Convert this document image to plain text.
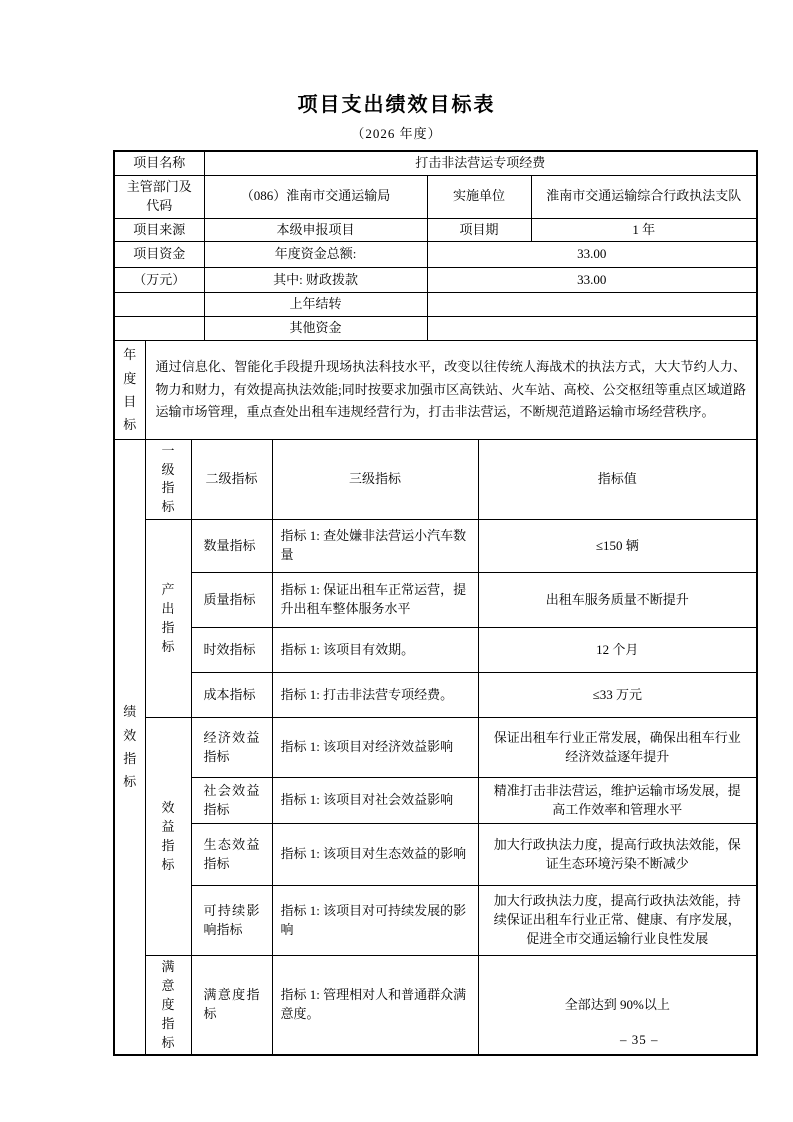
项目支出绩效目标表
（2026 年度）
项目名称			打击非法营运专项经费				
主管部门及代码			（086）淮南市交通运输局		实施单位		淮南市交通运输综合行政执法支队
项目来源			本级申报项目		项目期		1 年
项目资金			年度资金总额:		33.00		
（万元）			其中: 财政拨款		33.00		
			上年结转				
			其他资金				

年度目标	通过信息化、智能化手段提升现场执法科技水平，改变以往传统人海战术的执法方式，大大节约人力、物力和财力，有效提高执法效能;同时按要求加强市区高铁站、火车站、高校、公交枢纽等重点区域道路运输市场管理，重点查处出租车违规经营行为，打击非法营运，不断规范道路运输市场经营秩序。						

绩效指标	一级指标	二级指标		三级指标		指标值	
	产出指标	数量指标		指标 1: 查处嫌非法营运小汽车数量		≤150 辆	
		质量指标		指标 1: 保证出租车正常运营，提升出租车整体服务水平		出租车服务质量不断提升	
		时效指标		指标 1: 该项目有效期。		12 个月	
		成本指标		指标 1: 打击非法营专项经费。		≤33 万元	
	效益指标	经济效益指标		指标 1: 该项目对经济效益影响		保证出租车行业正常发展，确保出租车行业经济效益逐年提升	
		社会效益指标		指标 1: 该项目对社会效益影响		精准打击非法营运，维护运输市场发展，提高工作效率和管理水平	
		生态效益指标		指标 1: 该项目对生态效益的影响		加大行政执法力度，提高行政执法效能，保证生态环境污染不断减少	
		可持续影响指标		指标 1: 该项目对可持续发展的影响		加大行政执法力度，提高行政执法效能，持续保证出租车行业正常、健康、有序发展，促进全市交通运输行业良性发展	
	满意度指标	满意度指标		指标 1: 管理相对人和普通群众满意度。		全部达到 90%以上	
– 35 –
